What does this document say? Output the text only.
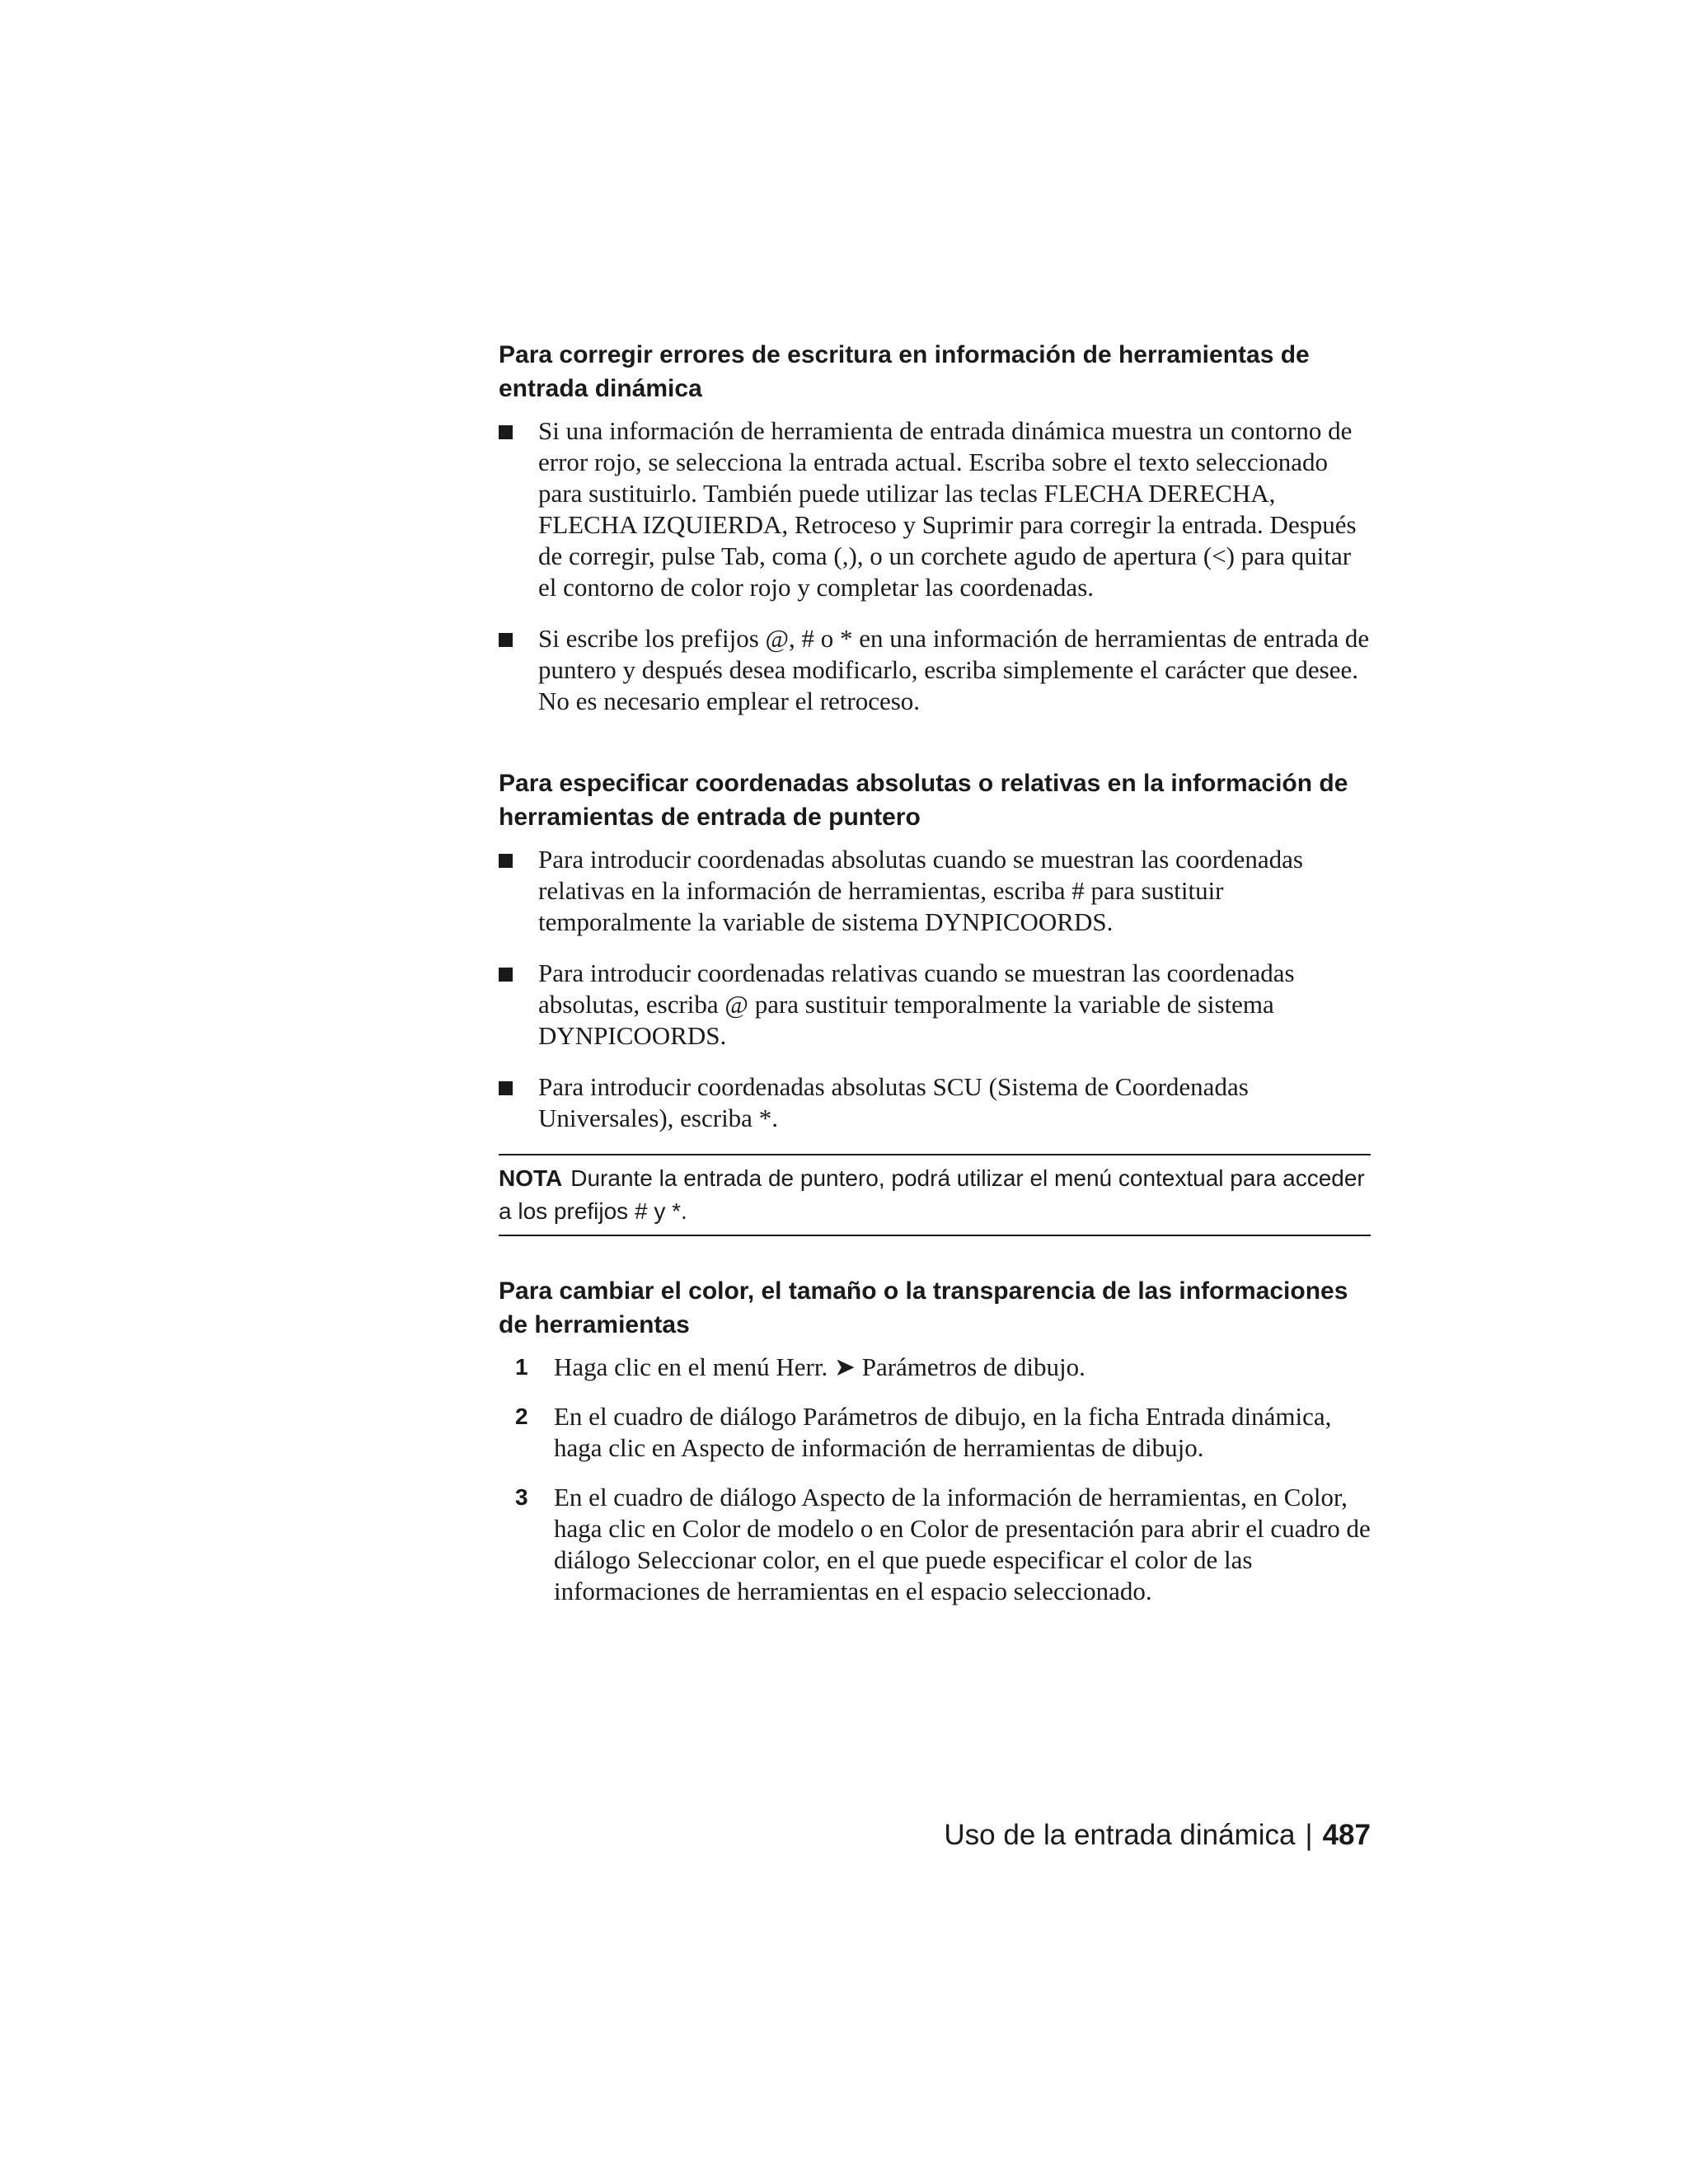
Para corregir errores de escritura en información de herramientas de entrada dinámica
Si una información de herramienta de entrada dinámica muestra un contorno de error rojo, se selecciona la entrada actual. Escriba sobre el texto seleccionado para sustituirlo. También puede utilizar las teclas FLECHA DERECHA, FLECHA IZQUIERDA, Retroceso y Suprimir para corregir la entrada. Después de corregir, pulse Tab, coma (,), o un corchete agudo de apertura (<) para quitar el contorno de color rojo y completar las coordenadas.
Si escribe los prefijos @, # o * en una información de herramientas de entrada de puntero y después desea modificarlo, escriba simplemente el carácter que desee. No es necesario emplear el retroceso.
Para especificar coordenadas absolutas o relativas en la información de herramientas de entrada de puntero
Para introducir coordenadas absolutas cuando se muestran las coordenadas relativas en la información de herramientas, escriba # para sustituir temporalmente la variable de sistema DYNPICOORDS.
Para introducir coordenadas relativas cuando se muestran las coordenadas absolutas, escriba @ para sustituir temporalmente la variable de sistema DYNPICOORDS.
Para introducir coordenadas absolutas SCU (Sistema de Coordenadas Universales), escriba *.
NOTA Durante la entrada de puntero, podrá utilizar el menú contextual para acceder a los prefijos # y *.
Para cambiar el color, el tamaño o la transparencia de las informaciones de herramientas
1 Haga clic en el menú Herr. ➤ Parámetros de dibujo.
2 En el cuadro de diálogo Parámetros de dibujo, en la ficha Entrada dinámica, haga clic en Aspecto de información de herramientas de dibujo.
3 En el cuadro de diálogo Aspecto de la información de herramientas, en Color, haga clic en Color de modelo o en Color de presentación para abrir el cuadro de diálogo Seleccionar color, en el que puede especificar el color de las informaciones de herramientas en el espacio seleccionado.
Uso de la entrada dinámica | 487
